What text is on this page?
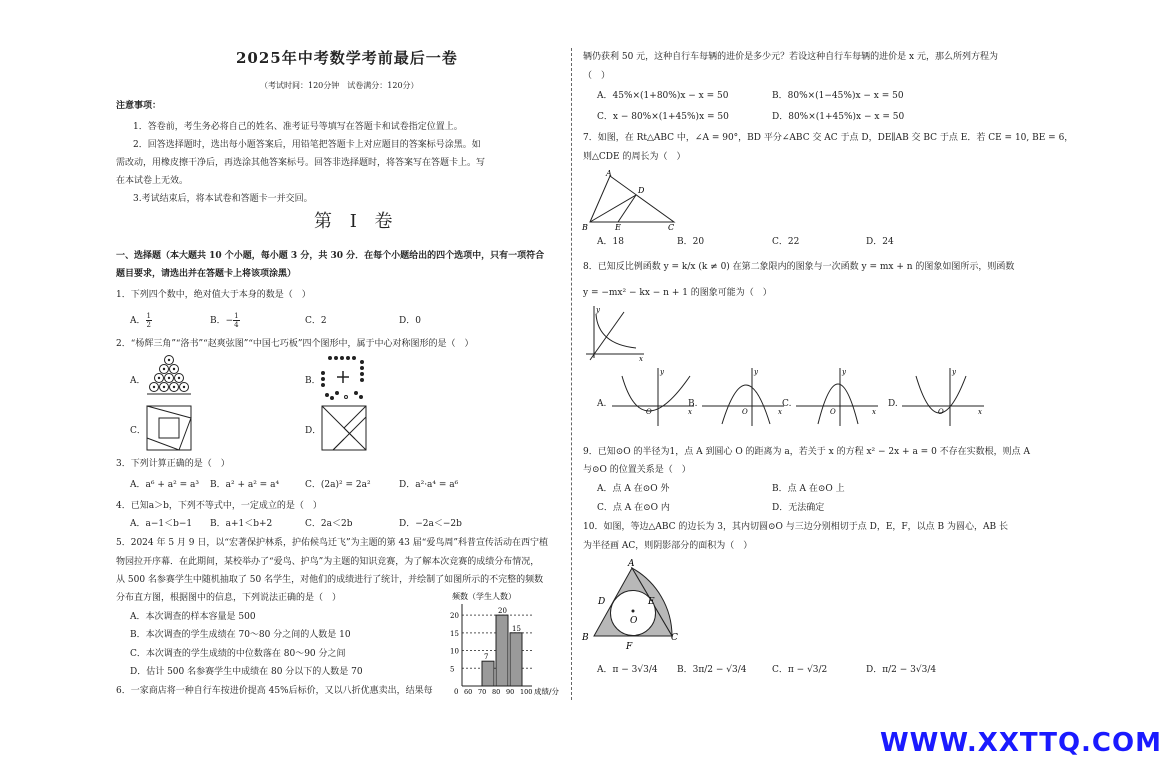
2025年中考数学考前最后一卷
（考试时间：120分钟　试卷满分：120分）
注意事项：
1．答卷前，考生务必将自己的姓名、准考证号等填写在答题卡和试卷指定位置上。
2．回答选择题时，选出每小题答案后，用铅笔把答题卡上对应题目的答案标号涂黑。如
需改动，用橡皮擦干净后，再选涂其他答案标号。回答非选择题时，将答案写在答题卡上。写
在本试卷上无效。
3.考试结束后，将本试卷和答题卡一并交回。
第 I 卷
一、选择题（本大题共 10 个小题，每小题 3 分，共 30 分．在每个小题给出的四个选项中，只有一项符合
题目要求，请选出并在答题卡上将该项涂黑）
1．下列四个数中，绝对值大于本身的数是（　）
A． $\frac{1}{2}$	B．− $\frac{1}{4}$	C．2	D．0
2．“杨辉三角”“洛书”“赵爽弦图”“中国七巧板”四个图形中，属于中心对称图形的是（　）
A．	B．
C．	D．
3．下列计算正确的是（　）
A．a⁶ + a² = a³ B．a² + a² = a⁴	C．(2a)² = 2a²	D．a²·a⁴ = a⁶
4．已知a＞b，下列不等式中，一定成立的是（　）
A．a−1＜b−1 B．a+1＜b+2	C．2a＜2b	D．−2a＜−2b
5．2024 年 5 月 9 日，以“宏著保护林系，护佑候鸟迁飞”为主题的第 43 届“爱鸟周”科普宣传活动在西宁植
物园拉开序幕．在此期间，某校举办了“爱鸟、护鸟”为主题的知识竞赛，为了解本次竞赛的成绩分布情况，
从 500 名参赛学生中随机抽取了 50 名学生，对他们的成绩进行了统计，并绘制了如图所示的不完整的频数
分布直方图，根据图中的信息，下列说法正确的是（　）
A．本次调查的样本容量是 500
B．本次调查的学生成绩在 70～80 分之间的人数是 10
C．本次调查的学生成绩的中位数落在 80～90 分之间
D．估计 500 名参赛学生中成绩在 80 分以下的人数是 70
6．一家商店将一种自行车按进价提高 45%后标价，又以八折优惠卖出，结果每
频数（学生人数）
5
10
15
20
7
20
15
60 70 80 90 100
0	成绩/分
辆仍获利 50 元，这种自行车每辆的进价是多少元？若设这种自行车每辆的进价是 x 元，那么所列方程为
（　）
A．45%×(1+80%)x − x = 50	B．80%×(1−45%)x − x = 50
C．x − 80%×(1+45%)x = 50	D．80%×(1+45%)x − x = 50
7．如图，在 Rt△ABC 中，∠A = 90°，BD 平分∠ABC 交 AC 于点 D，DE∥AB 交 BC 于点 E．若 CE = 10, BE = 6，
则△CDE 的周长为（　）
A
B	C
D
E
A．18	B．20	C．22	D．24
8．已知反比例函数 y = k/x (k ≠ 0) 在第二象限内的图象与一次函数 y = mx + n 的图象如图所示，则函数
y = −mx² − kx − n + 1 的图象可能为（　）
y
x
A.
O	x
y
B.
O	x
y
C.
O	x
y
D.
O	x
y
9．已知⊙O 的半径为1，点 A 到圆心 O 的距离为 a，若关于 x 的方程 x² − 2x + a = 0 不存在实数根，则点 A
与⊙O 的位置关系是（　）
A．点 A 在⊙O 外	B．点 A 在⊙O 上
C．点 A 在⊙O 内	D．无法确定
10．如图，等边△ABC 的边长为 3，其内切圆⊙O 与三边分别相切于点 D，E，F，以点 B 为圆心，AB 长
为半径画 AC，则阴影部分的面积为（　）
A
B	C
D	E
F
O
A．π − 3√3/4 B．3π/2 − √3/4	C．π − √3/2	D．π/2 − 3√3/4
WWW.XXTTQ.COM
